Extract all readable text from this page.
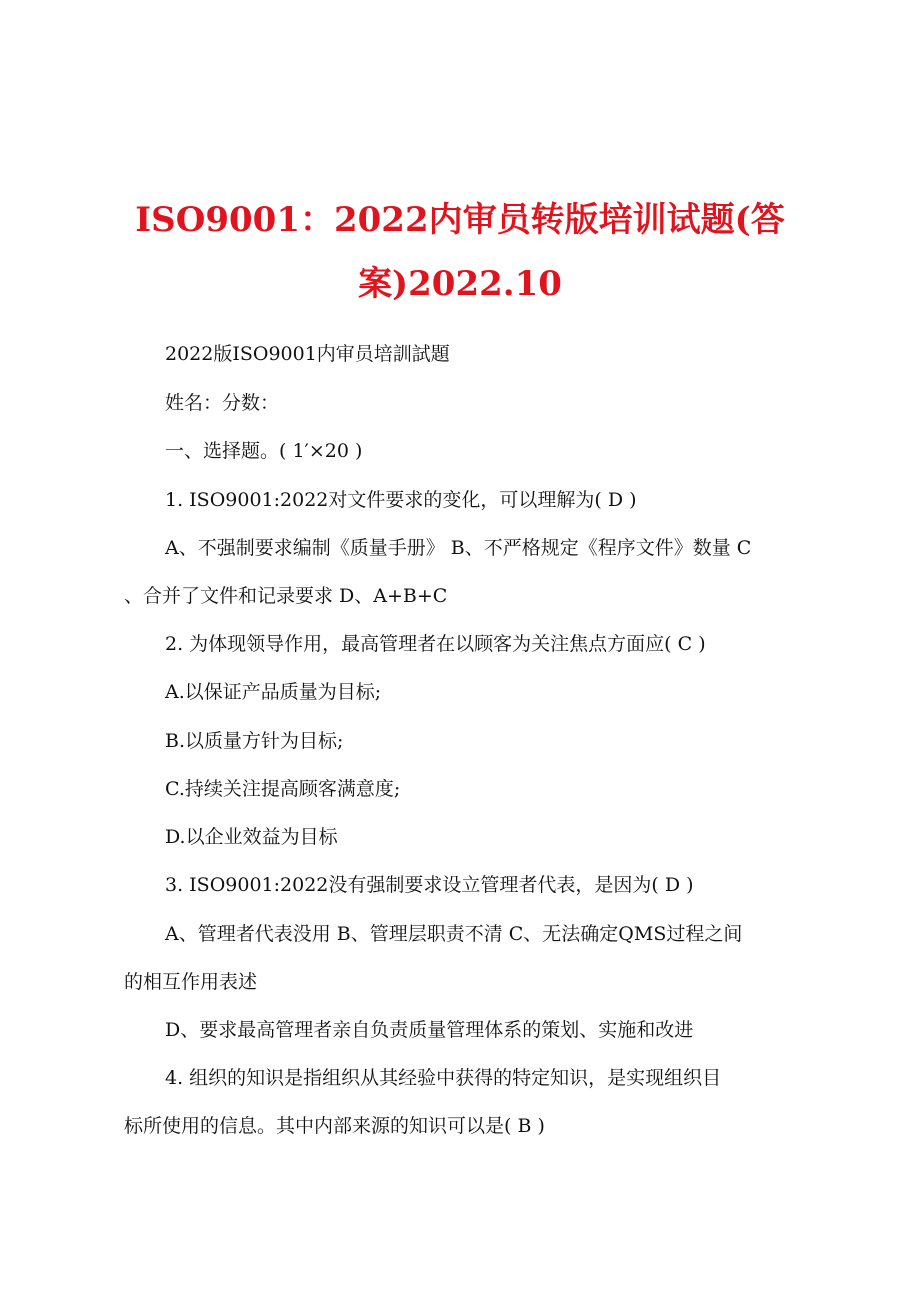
ISO9001：2022内审员转版培训试题(答
案)2022.10

2022版ISO9001内审员培訓試題

姓名：分数：

一、选择题。( 1′×20 )

1. ISO9001:2022对文件要求的变化，可以理解为( D )

A、不强制要求编制《质量手册》 B、不严格规定《程序文件》数量 C

、合并了文件和记录要求 D、A+B+C

2. 为体现领导作用，最高管理者在以顾客为关注焦点方面应( C )

A.以保证产品质量为目标;

B.以质量方针为目标;

C.持续关注提高顾客满意度;

D.以企业效益为目标

3. ISO9001:2022没有强制要求设立管理者代表，是因为( D )

A、管理者代表没用 B、管理层职责不清 C、无法确定QMS过程之间

的相互作用表述

D、要求最高管理者亲自负责质量管理体系的策划、实施和改进

4. 组织的知识是指组织从其经验中获得的特定知识，是实现组织目

标所使用的信息。其中内部来源的知识可以是( B )
